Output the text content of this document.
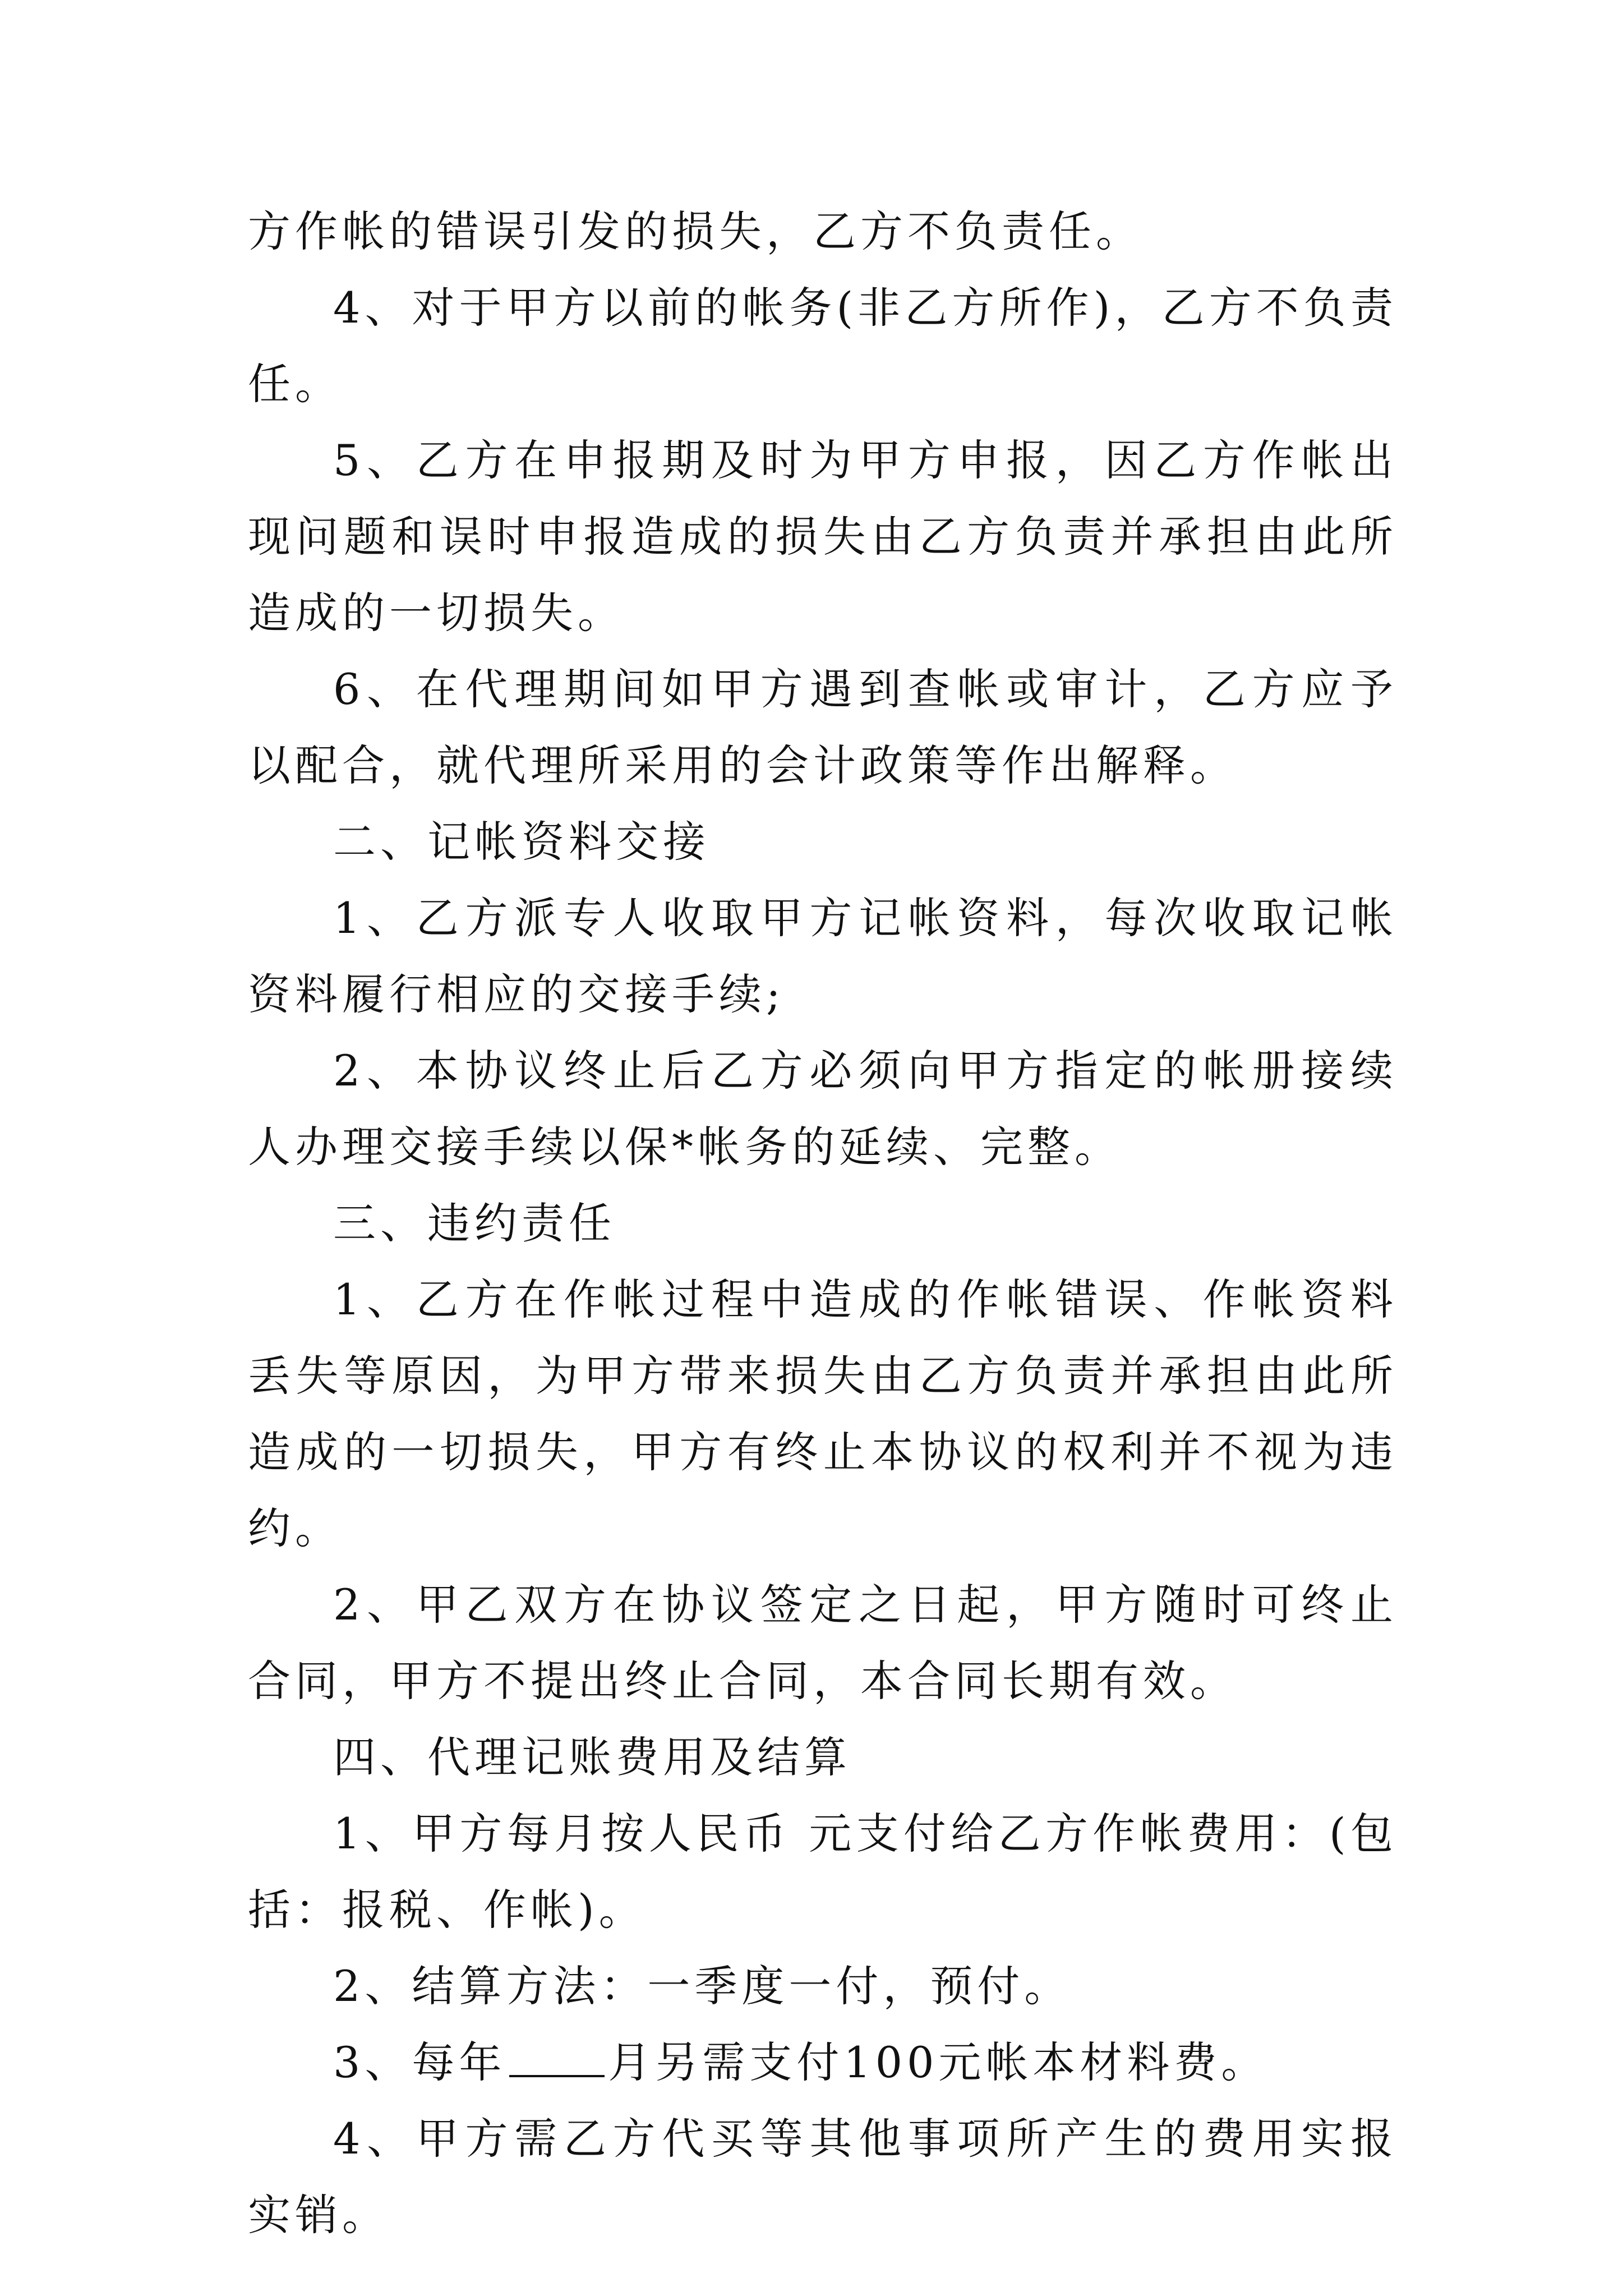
方作帐的错误引发的损失，乙方不负责任。

4、对于甲方以前的帐务(非乙方所作)，乙方不负责任。

5、乙方在申报期及时为甲方申报，因乙方作帐出现问题和误时申报造成的损失由乙方负责并承担由此所造成的一切损失。

6、在代理期间如甲方遇到查帐或审计，乙方应予以配合，就代理所采用的会计政策等作出解释。

二、记帐资料交接

1、乙方派专人收取甲方记帐资料，每次收取记帐资料履行相应的交接手续;

2、本协议终止后乙方必须向甲方指定的帐册接续人办理交接手续以保*帐务的延续、完整。

三、违约责任

1、乙方在作帐过程中造成的作帐错误、作帐资料丢失等原因，为甲方带来损失由乙方负责并承担由此所造成的一切损失，甲方有终止本协议的权利并不视为违约。

2、甲乙双方在协议签定之日起，甲方随时可终止合同，甲方不提出终止合同，本合同长期有效。

四、代理记账费用及结算

1、甲方每月按人民币 元支付给乙方作帐费用：(包括：报税、作帐)。

2、结算方法：一季度一付，预付。

3、每年 月另需支付100元帐本材料费。

4、甲方需乙方代买等其他事项所产生的费用实报实销。
